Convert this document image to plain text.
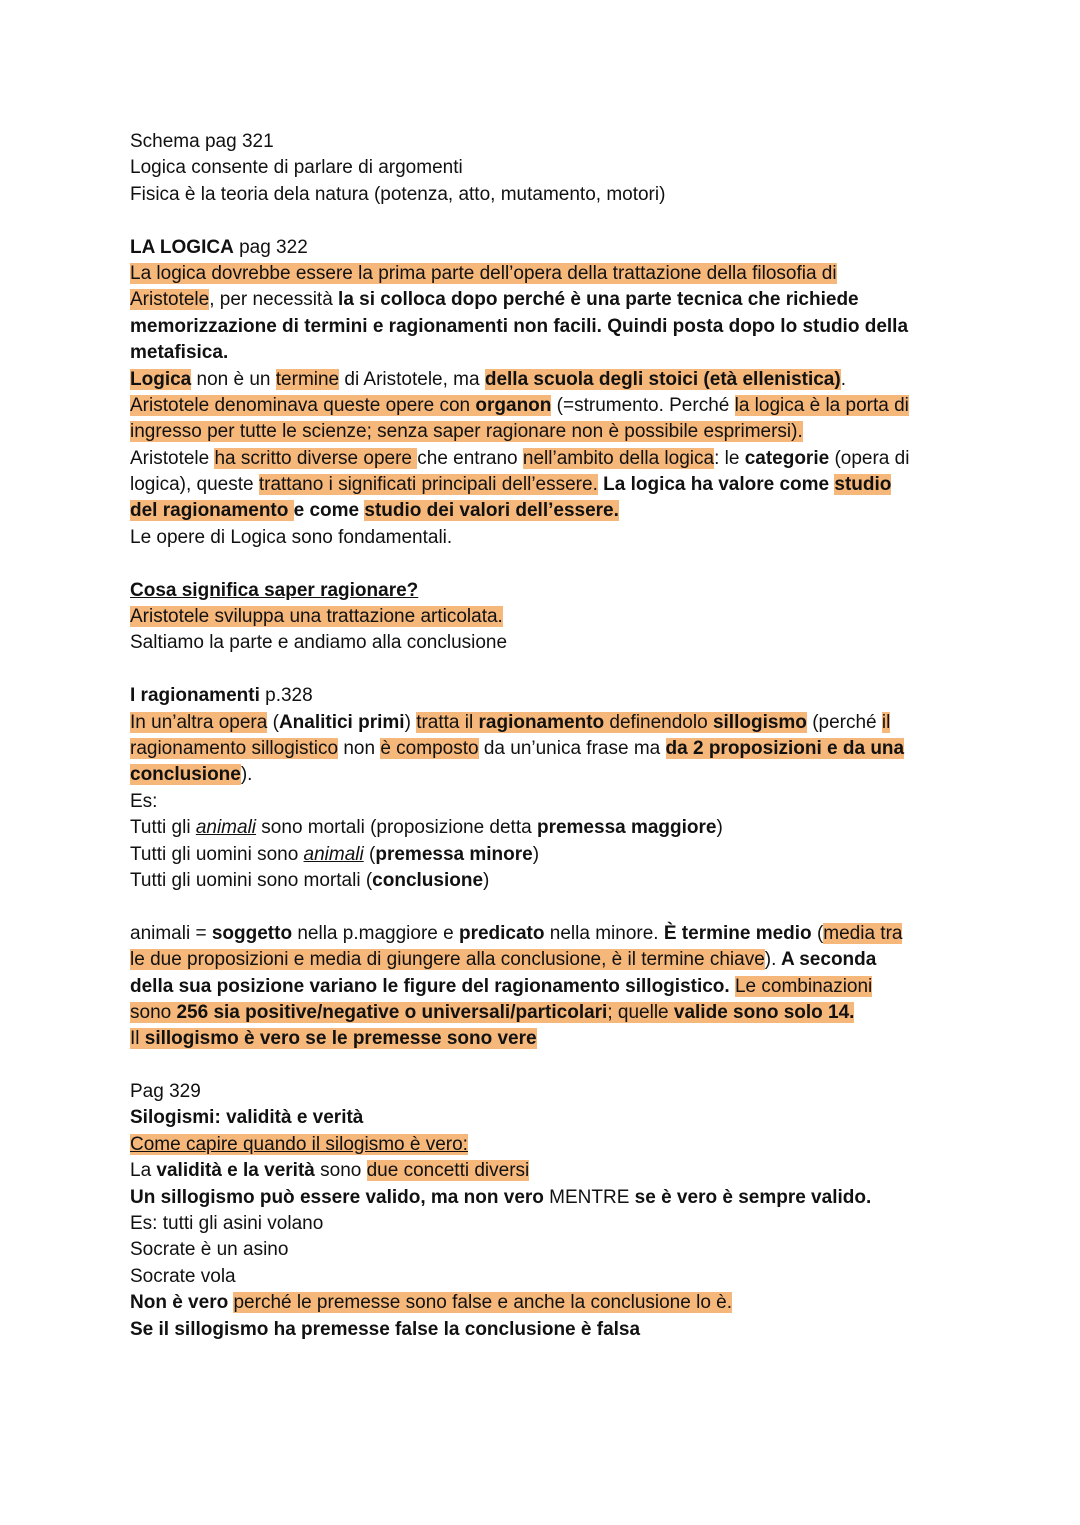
Schema pag 321
Logica consente di parlare di argomenti
Fisica è la teoria dela natura (potenza, atto, mutamento, motori)
LA LOGICA pag 322
La logica dovrebbe essere la prima parte dell’opera della trattazione della filosofia di
Aristotele, per necessità la si colloca dopo perché è una parte tecnica che richiede
memorizzazione di termini e ragionamenti non facili. Quindi posta dopo lo studio della
metafisica.
Logica non è un termine di Aristotele, ma della scuola degli stoici (età ellenistica).
Aristotele denominava queste opere con organon (=strumento. Perché la logica è la porta di
ingresso per tutte le scienze; senza saper ragionare non è possibile esprimersi).
Aristotele ha scritto diverse opere che entrano nell’ambito della logica: le categorie (opera di
logica), queste trattano i significati principali dell’essere. La logica ha valore come studio
del ragionamento e come studio dei valori dell’essere.
Le opere di Logica sono fondamentali.
Cosa significa saper ragionare?
Aristotele sviluppa una trattazione articolata.
Saltiamo la parte e andiamo alla conclusione
I ragionamenti p.328
In un’altra opera (Analitici primi) tratta il ragionamento definendolo sillogismo (perché il
ragionamento sillogistico non è composto da un’unica frase ma da 2 proposizioni e da una
conclusione).
Es:
Tutti gli animali sono mortali (proposizione detta premessa maggiore)
Tutti gli uomini sono animali (premessa minore)
Tutti gli uomini sono mortali (conclusione)
animali = soggetto nella p.maggiore e predicato nella minore. È termine medio (media tra
le due proposizioni e media di giungere alla conclusione, è il termine chiave). A seconda
della sua posizione variano le figure del ragionamento sillogistico. Le combinazioni
sono 256 sia positive/negative o universali/particolari; quelle valide sono solo 14.
Il sillogismo è vero se le premesse sono vere
Pag 329
Silogismi: validità e verità
Come capire quando il silogismo è vero:
La validità e la verità sono due concetti diversi
Un sillogismo può essere valido, ma non vero MENTRE se è vero è sempre valido.
Es: tutti gli asini volano
Socrate è un asino
Socrate vola
Non è vero perché le premesse sono false e anche la conclusione lo è.
Se il sillogismo ha premesse false la conclusione è falsa
